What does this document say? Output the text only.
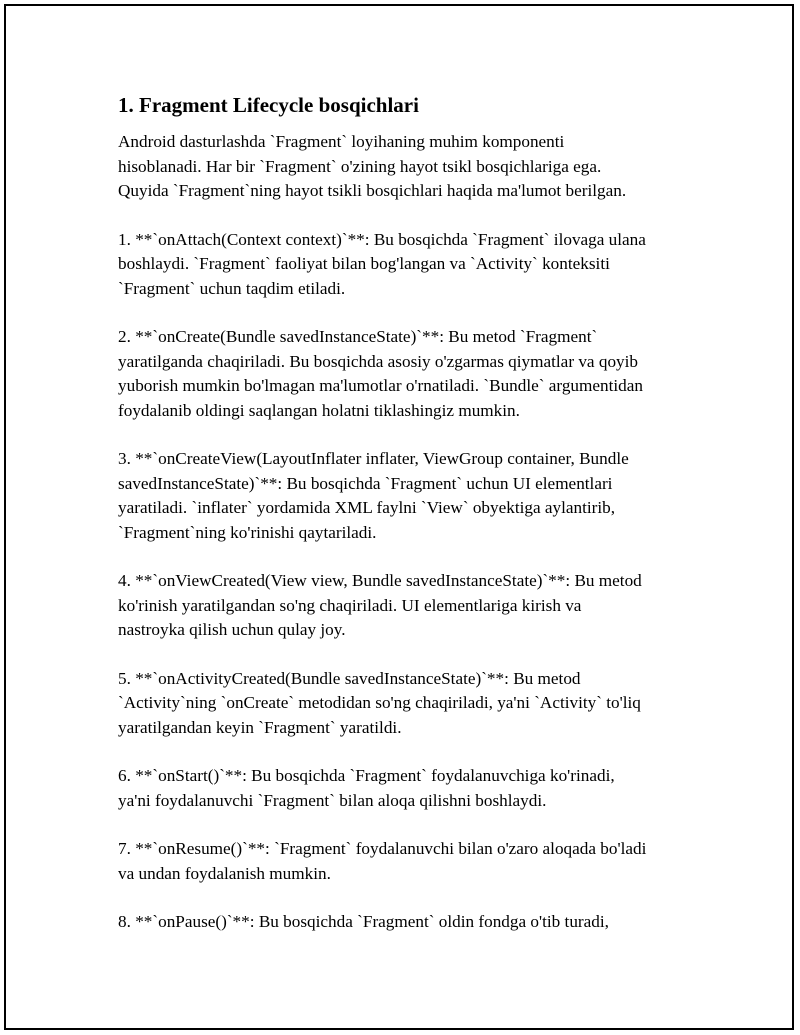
1. Fragment Lifecycle bosqichlari
Android dasturlashda `Fragment` loyihaning muhim komponenti
hisoblanadi. Har bir `Fragment` o'zining hayot tsikl bosqichlariga ega.
Quyida `Fragment`ning hayot tsikli bosqichlari haqida ma'lumot berilgan.
1. **`onAttach(Context context)`**: Bu bosqichda `Fragment` ilovaga ulana
boshlaydi. `Fragment` faoliyat bilan bog'langan va `Activity` konteksiti
`Fragment` uchun taqdim etiladi.
2. **`onCreate(Bundle savedInstanceState)`**: Bu metod `Fragment`
yaratilganda chaqiriladi. Bu bosqichda asosiy o'zgarmas qiymatlar va qoyib
yuborish mumkin bo'lmagan ma'lumotlar o'rnatiladi. `Bundle` argumentidan
foydalanib oldingi saqlangan holatni tiklashingiz mumkin.
3. **`onCreateView(LayoutInflater inflater, ViewGroup container, Bundle
savedInstanceState)`**: Bu bosqichda `Fragment` uchun UI elementlari
yaratiladi. `inflater` yordamida XML faylni `View` obyektiga aylantirib,
`Fragment`ning ko'rinishi qaytariladi.
4. **`onViewCreated(View view, Bundle savedInstanceState)`**: Bu metod
ko'rinish yaratilgandan so'ng chaqiriladi. UI elementlariga kirish va
nastroyka qilish uchun qulay joy.
5. **`onActivityCreated(Bundle savedInstanceState)`**: Bu metod
`Activity`ning `onCreate` metodidan so'ng chaqiriladi, ya'ni `Activity` to'liq
yaratilgandan keyin `Fragment` yaratildi.
6. **`onStart()`**: Bu bosqichda `Fragment` foydalanuvchiga ko'rinadi,
ya'ni foydalanuvchi `Fragment` bilan aloqa qilishni boshlaydi.
7. **`onResume()`**: `Fragment` foydalanuvchi bilan o'zaro aloqada bo'ladi
va undan foydalanish mumkin.
8. **`onPause()`**: Bu bosqichda `Fragment` oldin fondga o'tib turadi,
